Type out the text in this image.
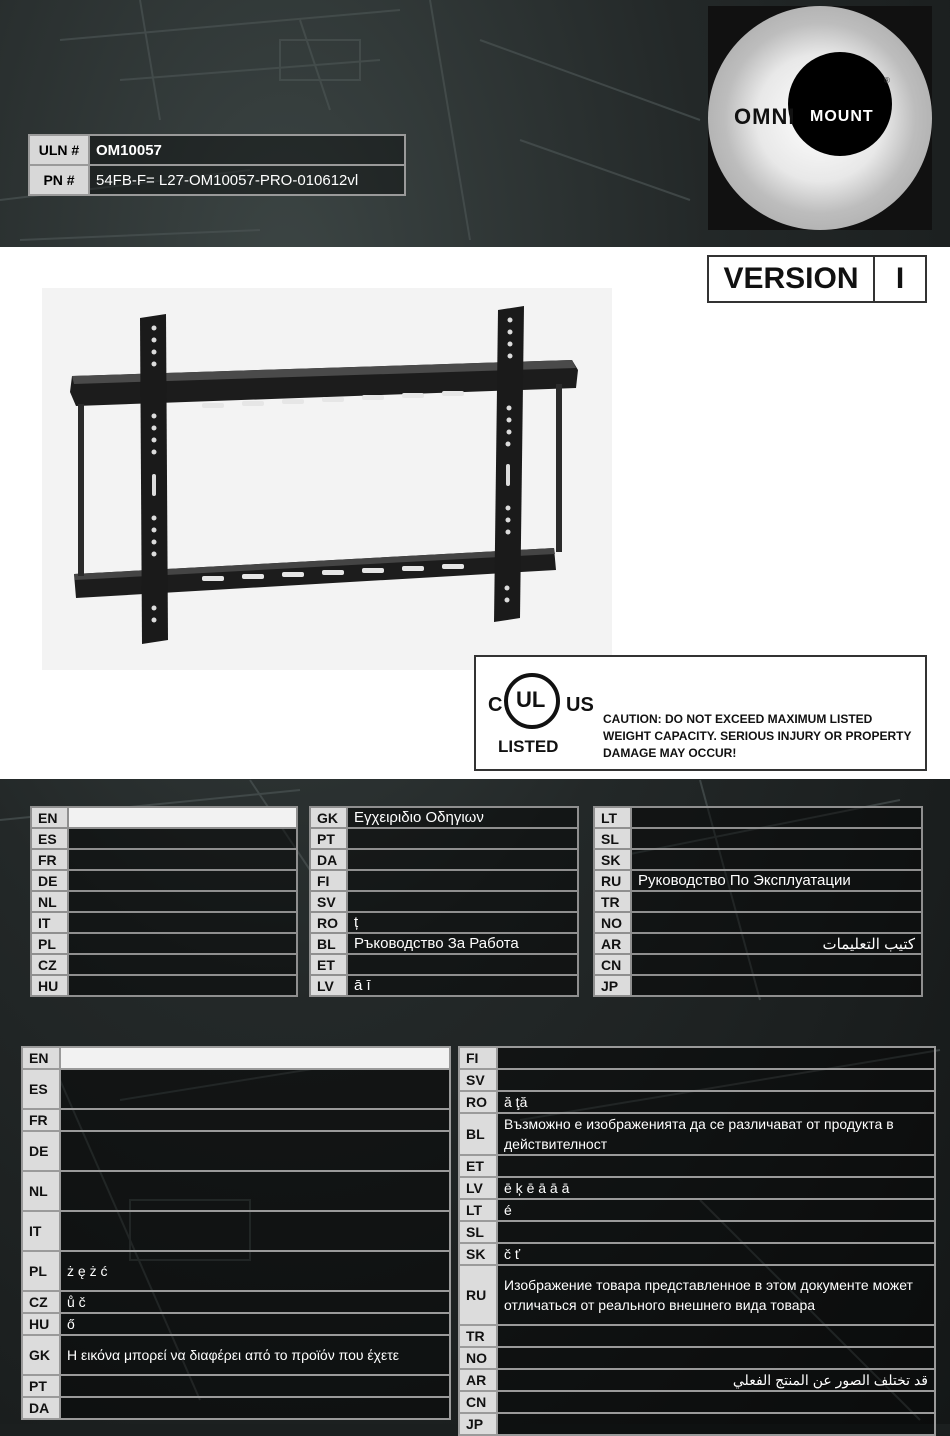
ULN #	OM10057
PN #	54FB-F= L27-OM10057-PRO-010612vl
OMNI MOUNT
®
VERSION	I
C UL US
LISTED
CAUTION: DO NOT EXCEED MAXIMUM LISTED WEIGHT CAPACITY. SERIOUS INJURY OR PROPERTY DAMAGE MAY OCCUR!
EN	
ES	
FR	
DE	
NL	
IT	
PL	
CZ	
HU	
GK	Εγχειριδιο Οδηγιων
PT	
DA	
FI	
SV	
RO	ț
BL	Ръководство За Работа
ET	
LV	ā ī
LT	
SL	
SK	
RU	Руководство По Эксплуатации
TR	
NO	
AR	كتيب التعليمات
CN	
JP	
EN	
ES	
FR	
DE	
NL	
IT	
PL	ż ę ż ć
CZ	ů č
HU	ő
GK	Η εικόνα μπορεί να διαφέρει από το προϊόν που έχετε
PT	
DA	
FI	
SV	
RO	ă ţă
BL	Възможно е изображенията да се различават от продукта в действителност
ET	
LV	ē ķ ē ā ā ā
LT	é
SL	
SK	č ť
RU	Изображение товара представленное в этом документе может отличаться от реального внешнего вида товара
TR	
NO	
AR	قد تختلف الصور عن المنتج الفعلي
CN	
JP	
